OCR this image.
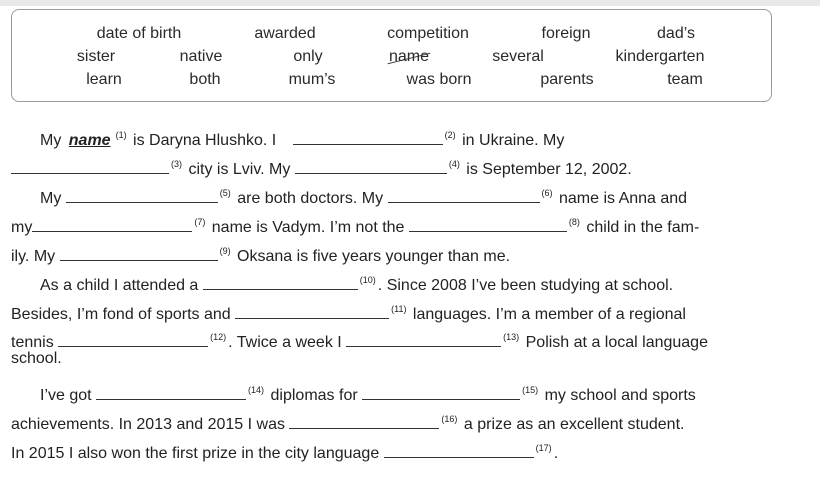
date of birth	awarded	competition	foreign	dad’s
sister	native	only	name	several	kindergarten
learn	both	mum’s	was born	parents	team
My name $^{(1)}$ is Daryna Hlushko. I	$^{(2)}$ in Ukraine. My
$^{(3)}$ city is Lviv. My	$^{(4)}$ is September 12, 2002.
My	$^{(5)}$ are both doctors. My	$^{(6)}$ name is Anna and
my	$^{(7)}$ name is Vadym. I’m not the	$^{(8)}$ child in the fam-
ily. My	$^{(9)}$ Oksana is five years younger than me.
As a child I attended a	$^{(10)}$ . Since 2008 I’ve been studying at school.
Besides, I’m fond of sports and	$^{(11)}$ languages. I’m a member of a regional
tennis	$^{(12)}$ . Twice a week I	$^{(13)}$ Polish at a local language
school.
I’ve got	$^{(14)}$ diplomas for	$^{(15)}$ my school and sports
achievements. In 2013 and 2015 I was	$^{(16)}$ a prize as an excellent student.
In 2015 I also won the first prize in the city language	$^{(17)}$ .
